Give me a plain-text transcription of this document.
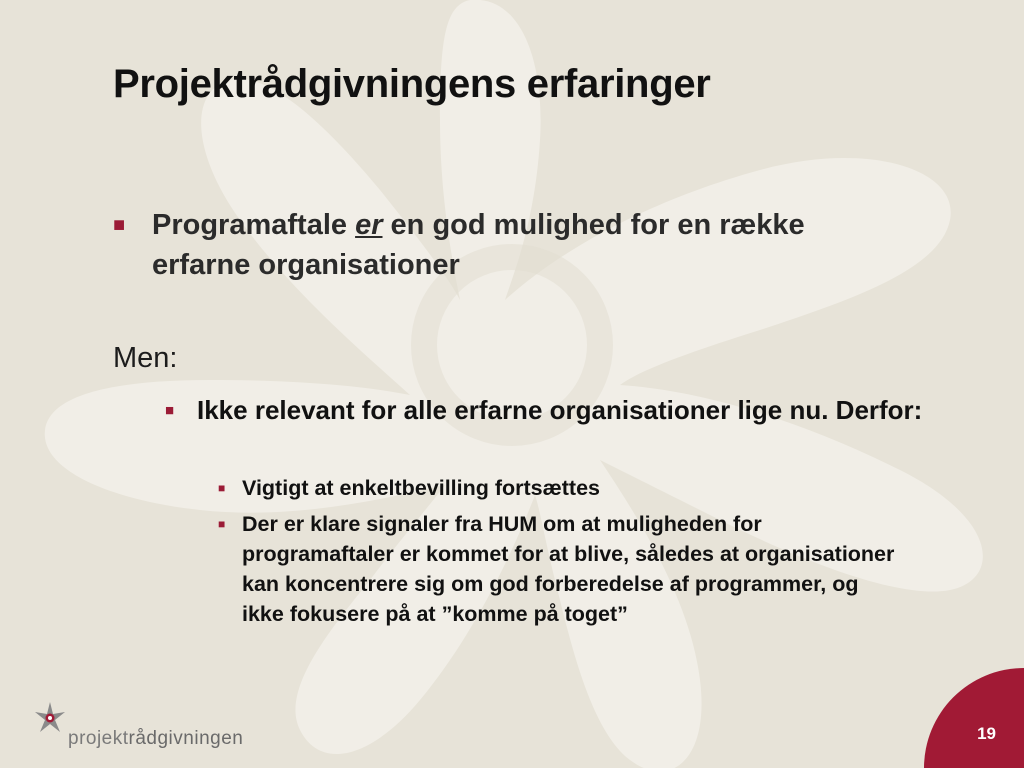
Projektrådgivningens erfaringer
■ Programaftale er en god mulighed for en række
erfarne organisationer
Men:
■ Ikke relevant for alle erfarne organisationer lige nu. Derfor:
■ Vigtigt at enkeltbevilling fortsættes
■ Der er klare signaler fra HUM om at muligheden for programaftaler er kommet for at blive, således at organisationer kan koncentrere sig om god forberedelse af programmer, og ikke fokusere på at ”komme på toget”
projektrådgivningen	19
